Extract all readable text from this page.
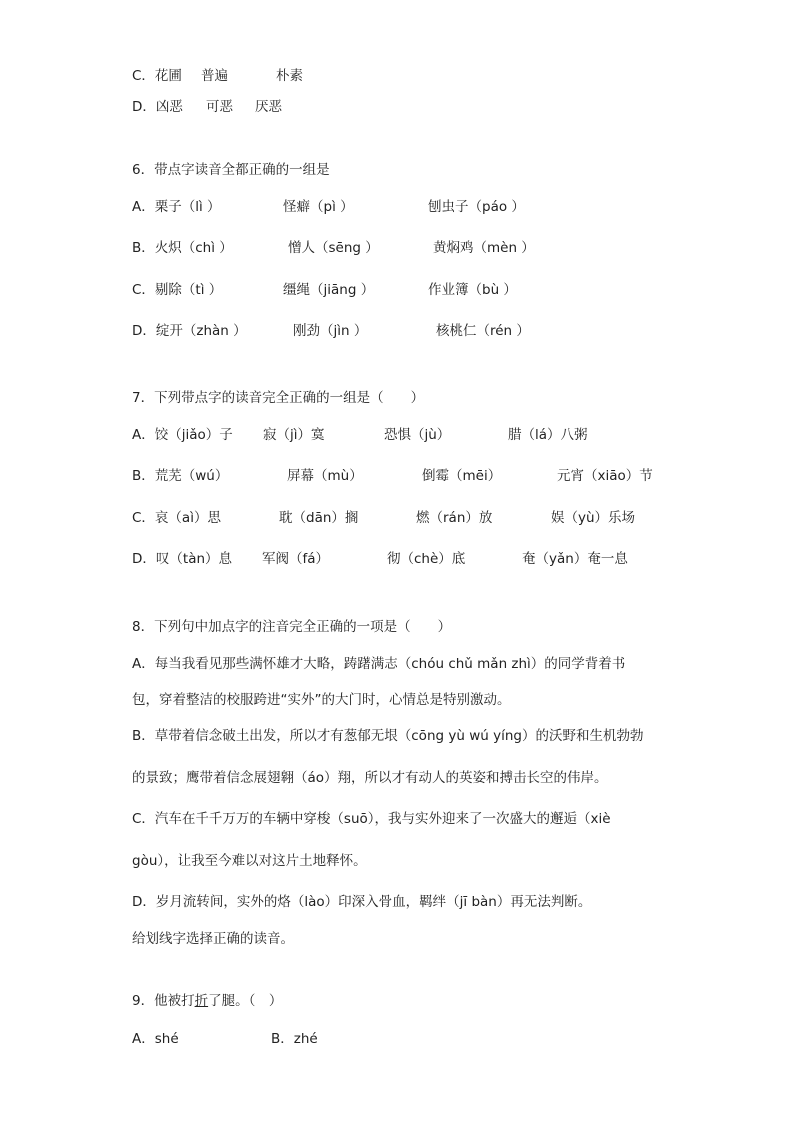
C．花圃 普遍	朴素
D．凶恶 可恶 厌恶
6．带点字读音全都正确的一组是
A．栗子（lì ）	怪癖（pì ）	刨虫子（páo ）
B．火炽（chì ）	憎人（sēng ）	黄焖鸡（mèn ）
C．剔除（tì ）	缰绳（jiāng ）	作业簿（bù ）
D．绽开（zhàn ）	刚劲（jìn ）	核桃仁（rén ）
7．下列带点字的读音完全正确的一组是（　　）
A．饺（jiǎo）子 寂（jì）寞	恐惧（jù）	腊（lá）八粥
B．荒芜（wú）	屏幕（mù）	倒霉（mēi）	元宵（xiāo）节
C．哀（aì）思	耽（dān）搁	燃（rán）放	娱（yù）乐场
D．叹（tàn）息 军阀（fá）	彻（chè）底	奄（yǎn）奄一息
8．下列句中加点字的注音完全正确的一项是（　　）
A．每当我看见那些满怀雄才大略，踌躇满志（chóu chǔ mǎn zhì）的同学背着书
包，穿着整洁的校服跨进“实外”的大门时，心情总是特别激动。
B．草带着信念破土出发，所以才有葱郁无垠（cōng yù wú yíng）的沃野和生机勃勃
的景致；鹰带着信念展翅翱（áo）翔，所以才有动人的英姿和搏击长空的伟岸。
C．汽车在千千万万的车辆中穿梭（suō），我与实外迎来了一次盛大的邂逅（xiè
gòu），让我至今难以对这片土地释怀。
D．岁月流转间，实外的烙（lào）印深入骨血，羁绊（jī bàn）再无法判断。
给划线字选择正确的读音。
9．他被打折了腿。（　）
A．shé	B．zhé
